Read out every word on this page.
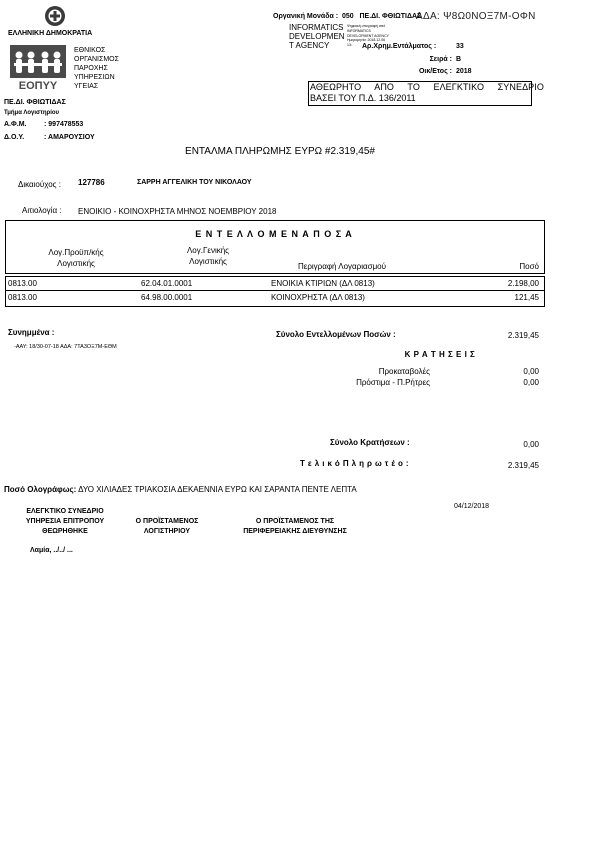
ΕΛΛΗΝΙΚΗ ΔΗΜΟΚΡΑΤΙΑ
ΕΟΠΥΥ
ΕΘΝΙΚΟΣ
ΟΡΓΑΝΙΣΜΟΣ
ΠΑΡΟΧΗΣ
ΥΠΗΡΕΣΙΩΝ
ΥΓΕΙΑΣ
ΠΕ.ΔΙ. ΦΘΙΩΤΙΔΑΣ
Τμήμα Λογιστηρίου
Α.Φ.Μ.	: 997478553
Δ.Ο.Υ.	: ΑΜΑΡΟΥΣΙΟΥ
Οργανική Μονάδα : 050 ΠΕ.ΔΙ. ΦΘΙΩΤΙΔΑΣ
ΑΔΑ: Ψ8Ω0ΝΟΞ7Μ-ΟΦΝ
INFORMATICS
DEVELOPMEN
T AGENCY
Ψηφιακή υπογραφή από
INFORMATICS
DEVELOPMENT AGENCY
Ημερομηνία: 2018.12.06
13:	Αρ.Χρημ.Εντάλματος :	33
Σειρά : Β
Οικ/Ετος : 2018
ΑΘΕΩΡΗΤΟ ΑΠΟ ΤΟ ΕΛΕΓΚΤΙΚΟ ΣΥΝΕΔΡΙΟ
ΒΑΣΕΙ ΤΟΥ Π.Δ. 136/2011
ΕΝΤΑΛΜΑ ΠΛΗΡΩΜΗΣ ΕΥΡΩ #2.319,45#
Δικαιούχος : 127786	ΣΑΡΡΗ ΑΓΓΕΛΙΚΗ ΤΟΥ ΝΙΚΟΛΑΟΥ
Αιτιολογία : ΕΝΟΙΚΙΟ - ΚΟΙΝΟΧΡΗΣΤΑ ΜΗΝΟΣ ΝΟΕΜΒΡΙΟΥ 2018
Ε Ν Τ Ε Λ Λ Ο Μ Ε Ν Α Π Ο Σ Α
Λογ.Προϋπ/κής
Λογιστικής
Λογ.Γενικής
Λογιστικής
Περιγραφή Λογαριασμού	Ποσό
0813.00	62.04.01.0001	ΕΝΟΙΚΙΑ ΚΤΙΡΙΩΝ (ΔΛ 0813)	2.198,00
0813.00	64.98.00.0001	ΚΟΙΝΟΧΡΗΣΤΑ (ΔΛ 0813)	121,45
Συνημμένα :
-ΑΑΥ: 18/30-07-18 ΑΔΑ: 7ΤΑ3ΟΞ7Μ-ΕΘΜ
Σύνολο Εντελλομένων Ποσών :	2.319,45
Κ Ρ Α Τ Η Σ Ε Ι Σ
Προκαταβολές	0,00
Πρόστιμα - Π.Ρήτρες	0,00
Σύνολο Κρατήσεων :	0,00
Τ ε λ ι κ ό Π λ η ρ ω τ έ ο :	2.319,45
Ποσό Ολογράφως: ΔΥΟ ΧΙΛΙΑΔΕΣ ΤΡΙΑΚΟΣΙΑ ΔΕΚΑΕΝΝΙΑ ΕΥΡΩ ΚΑΙ ΣΑΡΑΝΤΑ ΠΕΝΤΕ ΛΕΠΤΑ
04/12/2018
ΕΛΕΓΚΤΙΚΟ ΣΥΝΕΔΡΙΟ
ΥΠΗΡΕΣΙΑ ΕΠΙΤΡΟΠΟΥ
ΘΕΩΡΗΘΗΚΕ
Ο ΠΡΟΪΣΤΑΜΕΝΟΣ
ΛΟΓΙΣΤΗΡΙΟΥ
Ο ΠΡΟΪΣΤΑΜΕΝΟΣ ΤΗΣ
ΠΕΡΙΦΕΡΕΙΑΚΗΣ ΔΙΕΥΘΥΝΣΗΣ
Λαμία, ../../ ...
